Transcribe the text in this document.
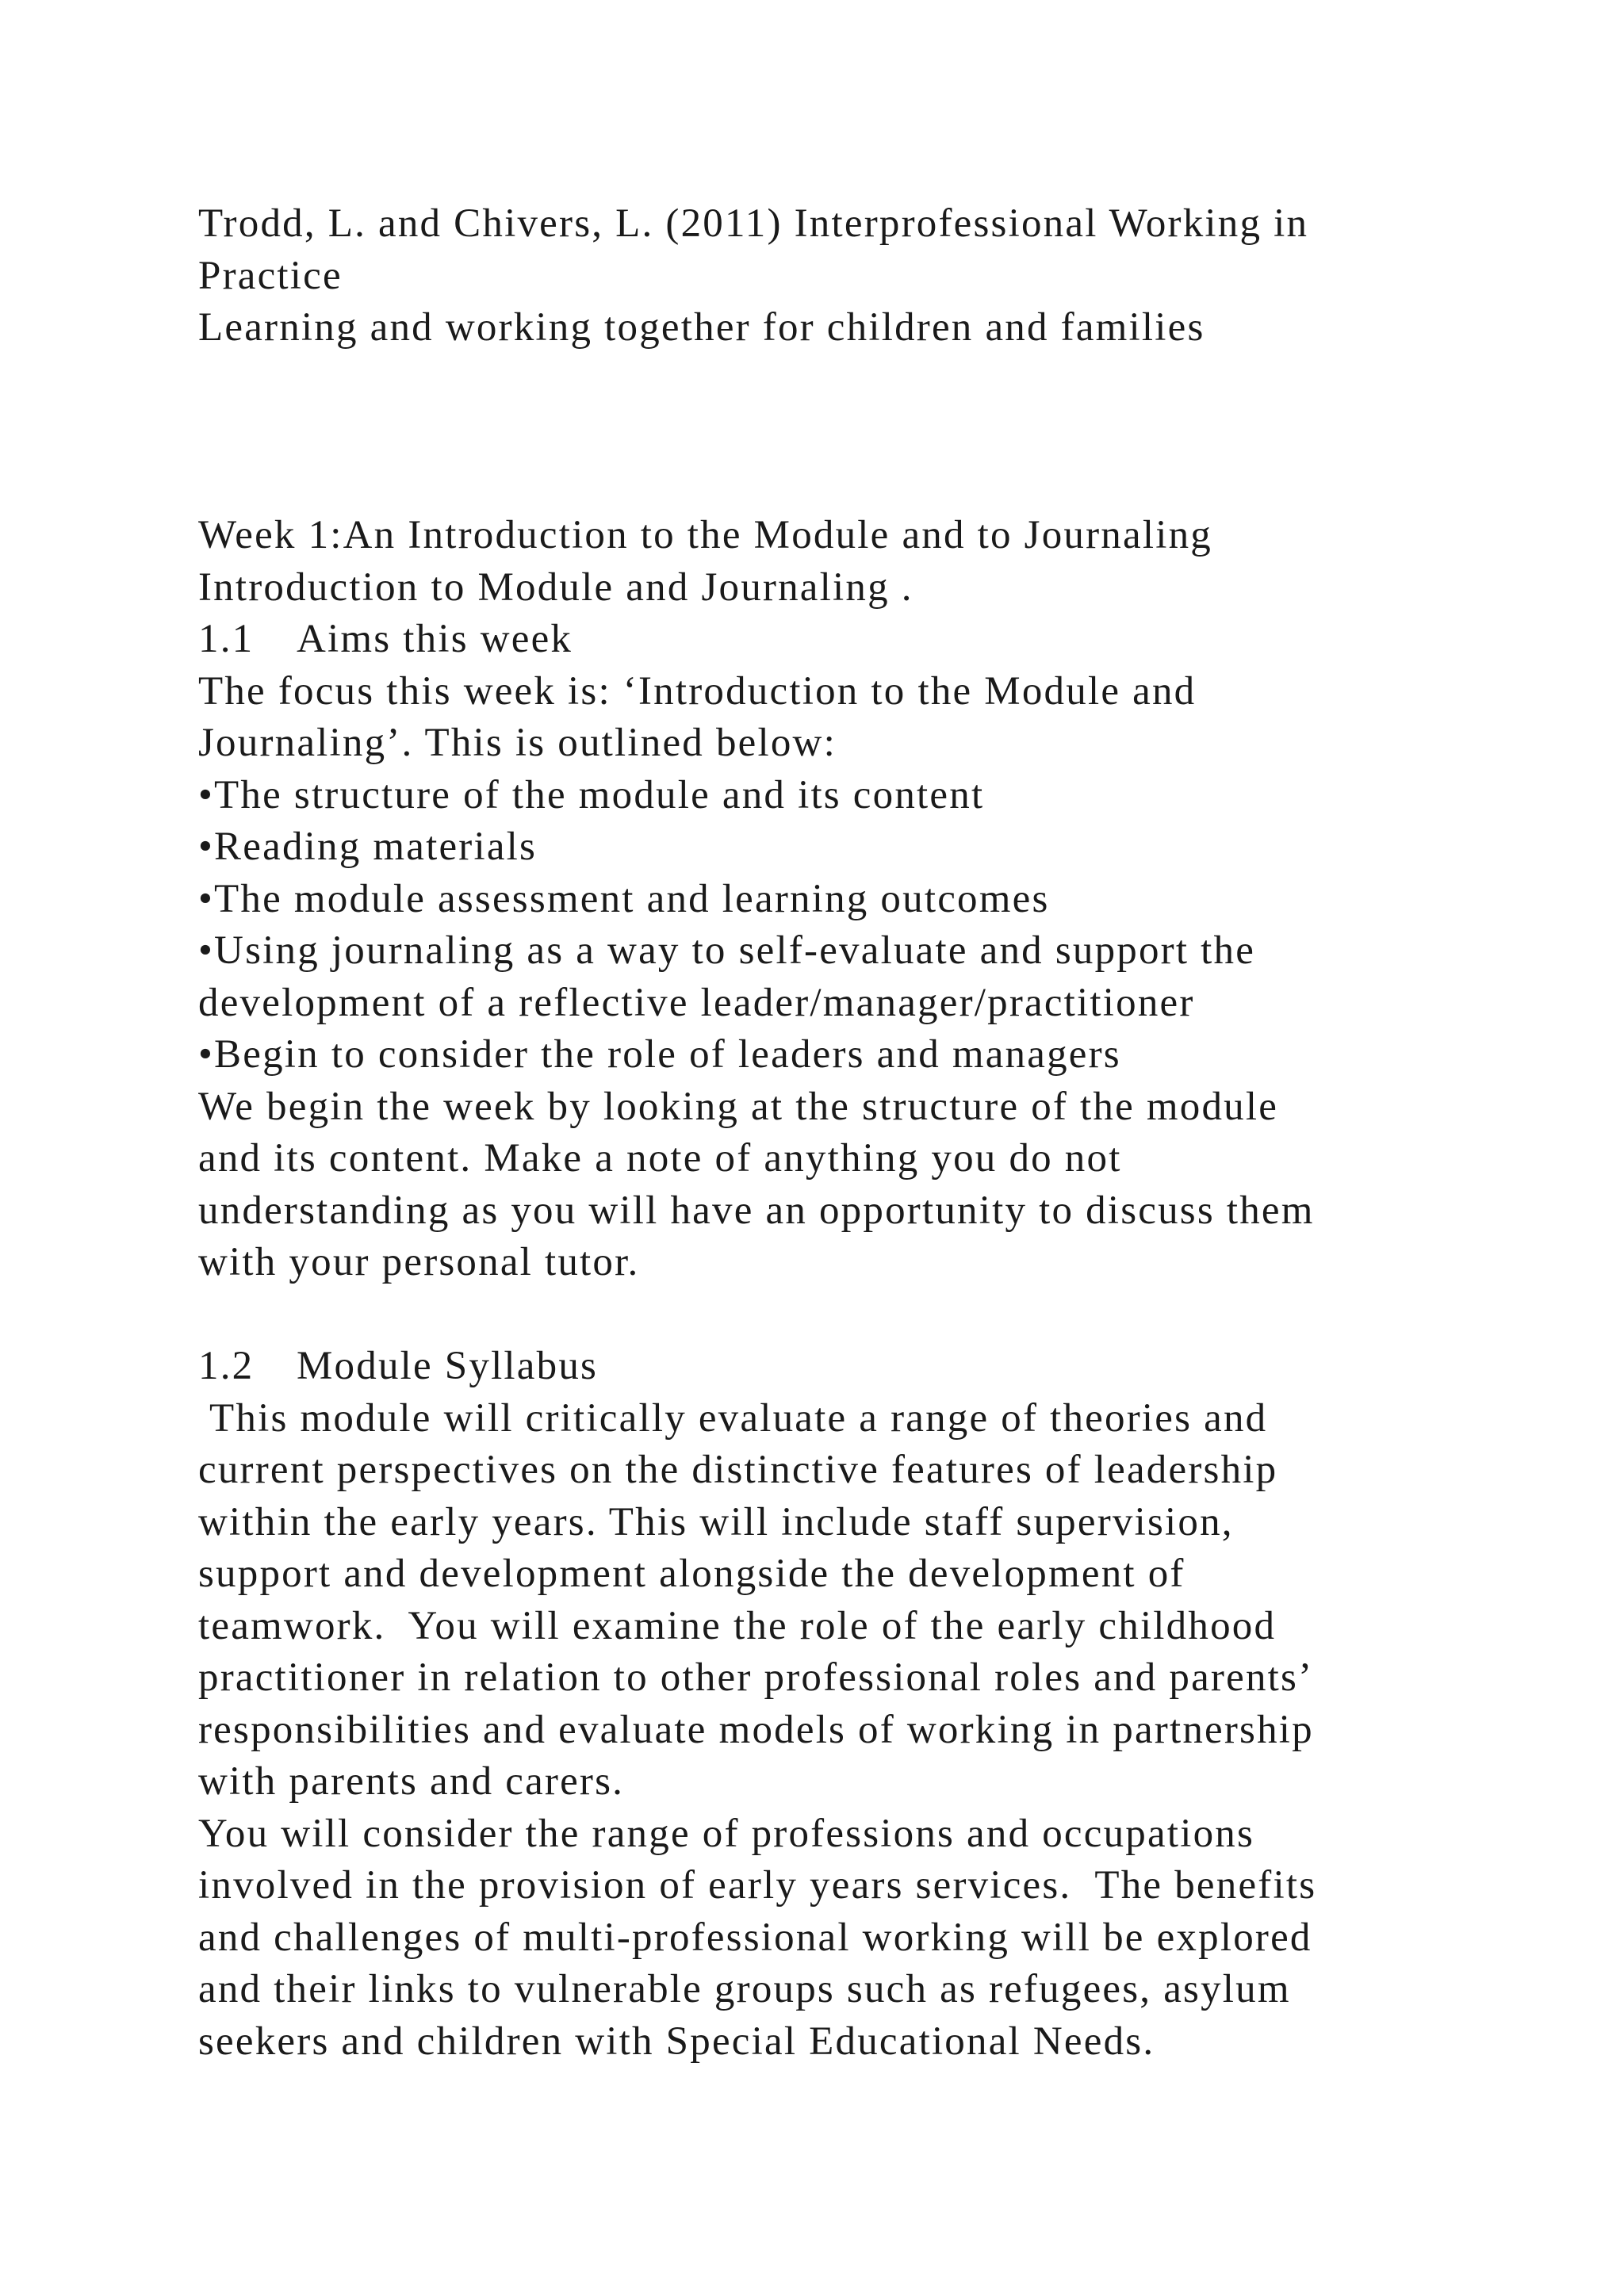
Trodd, L. and Chivers, L. (2011) Interprofessional Working in
Practice
Learning and working together for children and families
Week 1:An Introduction to the Module and to Journaling
Introduction to Module and Journaling .
1.1 Aims this week
The focus this week is: ‘Introduction to the Module and
Journaling’. This is outlined below:
•The structure of the module and its content
•Reading materials
•The module assessment and learning outcomes
•Using journaling as a way to self-evaluate and support the
development of a reflective leader/manager/practitioner
•Begin to consider the role of leaders and managers
We begin the week by looking at the structure of the module
and its content. Make a note of anything you do not
understanding as you will have an opportunity to discuss them
with your personal tutor.
1.2 Module Syllabus
This module will critically evaluate a range of theories and
current perspectives on the distinctive features of leadership
within the early years. This will include staff supervision,
support and development alongside the development of
teamwork.  You will examine the role of the early childhood
practitioner in relation to other professional roles and parents’
responsibilities and evaluate models of working in partnership
with parents and carers.
You will consider the range of professions and occupations
involved in the provision of early years services.  The benefits
and challenges of multi-professional working will be explored
and their links to vulnerable groups such as refugees, asylum
seekers and children with Special Educational Needs.
